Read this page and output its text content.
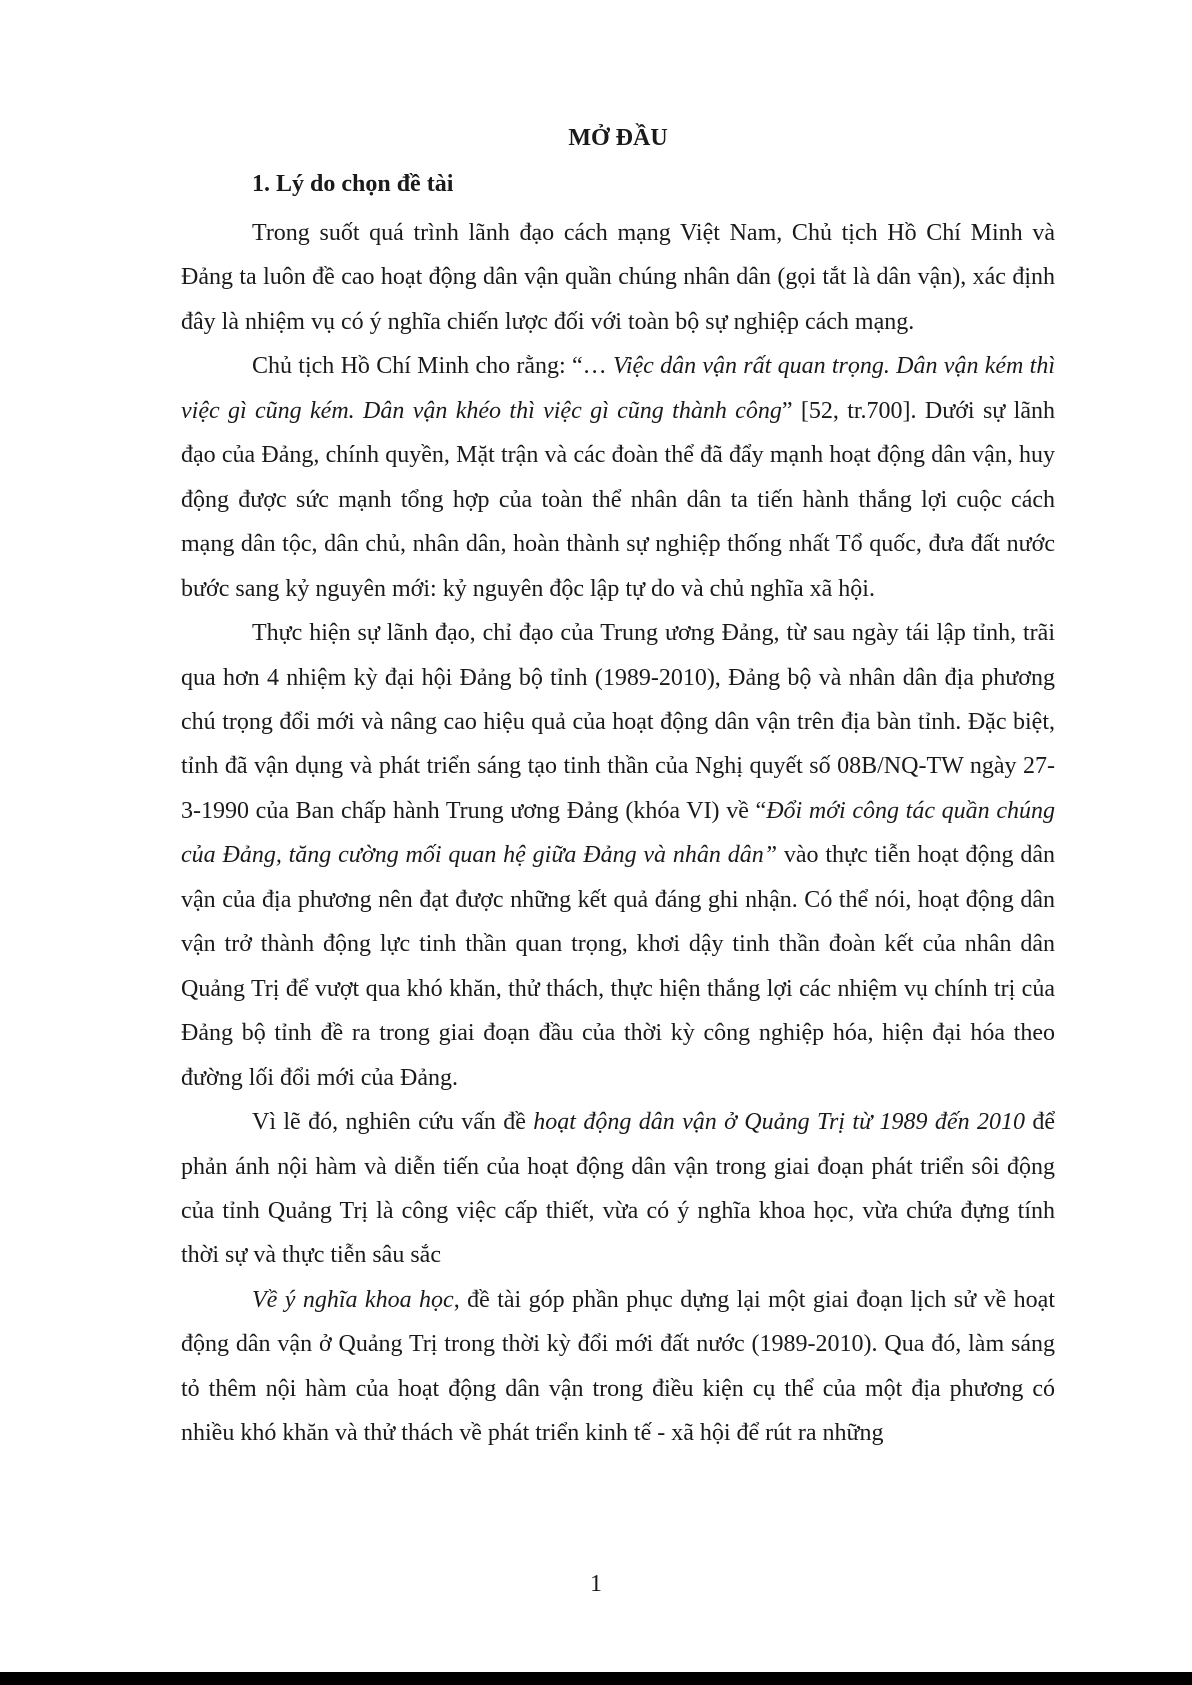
MỞ ĐẦU
1. Lý do chọn đề tài

Trong suốt quá trình lãnh đạo cách mạng Việt Nam, Chủ tịch Hồ Chí Minh và Đảng ta luôn đề cao hoạt động dân vận quần chúng nhân dân (gọi tắt là dân vận), xác định đây là nhiệm vụ có ý nghĩa chiến lược đối với toàn bộ sự nghiệp cách mạng.

Chủ tịch Hồ Chí Minh cho rằng: “… Việc dân vận rất quan trọng. Dân vận kém thì việc gì cũng kém. Dân vận khéo thì việc gì cũng thành công” [52, tr.700]. Dưới sự lãnh đạo của Đảng, chính quyền, Mặt trận và các đoàn thể đã đẩy mạnh hoạt động dân vận, huy động được sức mạnh tổng hợp của toàn thể nhân dân ta tiến hành thắng lợi cuộc cách mạng dân tộc, dân chủ, nhân dân, hoàn thành sự nghiệp thống nhất Tổ quốc, đưa đất nước bước sang kỷ nguyên mới: kỷ nguyên độc lập tự do và chủ nghĩa xã hội.

Thực hiện sự lãnh đạo, chỉ đạo của Trung ương Đảng, từ sau ngày tái lập tỉnh, trãi qua hơn 4 nhiệm kỳ đại hội Đảng bộ tỉnh (1989-2010), Đảng bộ và nhân dân địa phương chú trọng đổi mới và nâng cao hiệu quả của hoạt động dân vận trên địa bàn tỉnh. Đặc biệt, tỉnh đã vận dụng và phát triển sáng tạo tinh thần của Nghị quyết số 08B/NQ-TW ngày 27-3-1990 của Ban chấp hành Trung ương Đảng (khóa VI) về “Đổi mới công tác quần chúng của Đảng, tăng cường mối quan hệ giữa Đảng và nhân dân” vào thực tiễn hoạt động dân vận của địa phương nên đạt được những kết quả đáng ghi nhận. Có thể nói, hoạt động dân vận trở thành động lực tinh thần quan trọng, khơi dậy tinh thần đoàn kết của nhân dân Quảng Trị để vượt qua khó khăn, thử thách, thực hiện thắng lợi các nhiệm vụ chính trị của Đảng bộ tỉnh đề ra trong giai đoạn đầu của thời kỳ công nghiệp hóa, hiện đại hóa theo đường lối đổi mới của Đảng.

Vì lẽ đó, nghiên cứu vấn đề hoạt động dân vận ở Quảng Trị từ 1989 đến 2010 để phản ánh nội hàm và diễn tiến của hoạt động dân vận trong giai đoạn phát triển sôi động của tỉnh Quảng Trị là công việc cấp thiết, vừa có ý nghĩa khoa học, vừa chứa đựng tính thời sự và thực tiễn sâu sắc

Về ý nghĩa khoa học, đề tài góp phần phục dựng lại một giai đoạn lịch sử về hoạt động dân vận ở Quảng Trị trong thời kỳ đổi mới đất nước (1989-2010). Qua đó, làm sáng tỏ thêm nội hàm của hoạt động dân vận trong điều kiện cụ thể của một địa phương có nhiều khó khăn và thử thách về phát triển kinh tế - xã hội để rút ra những

1
